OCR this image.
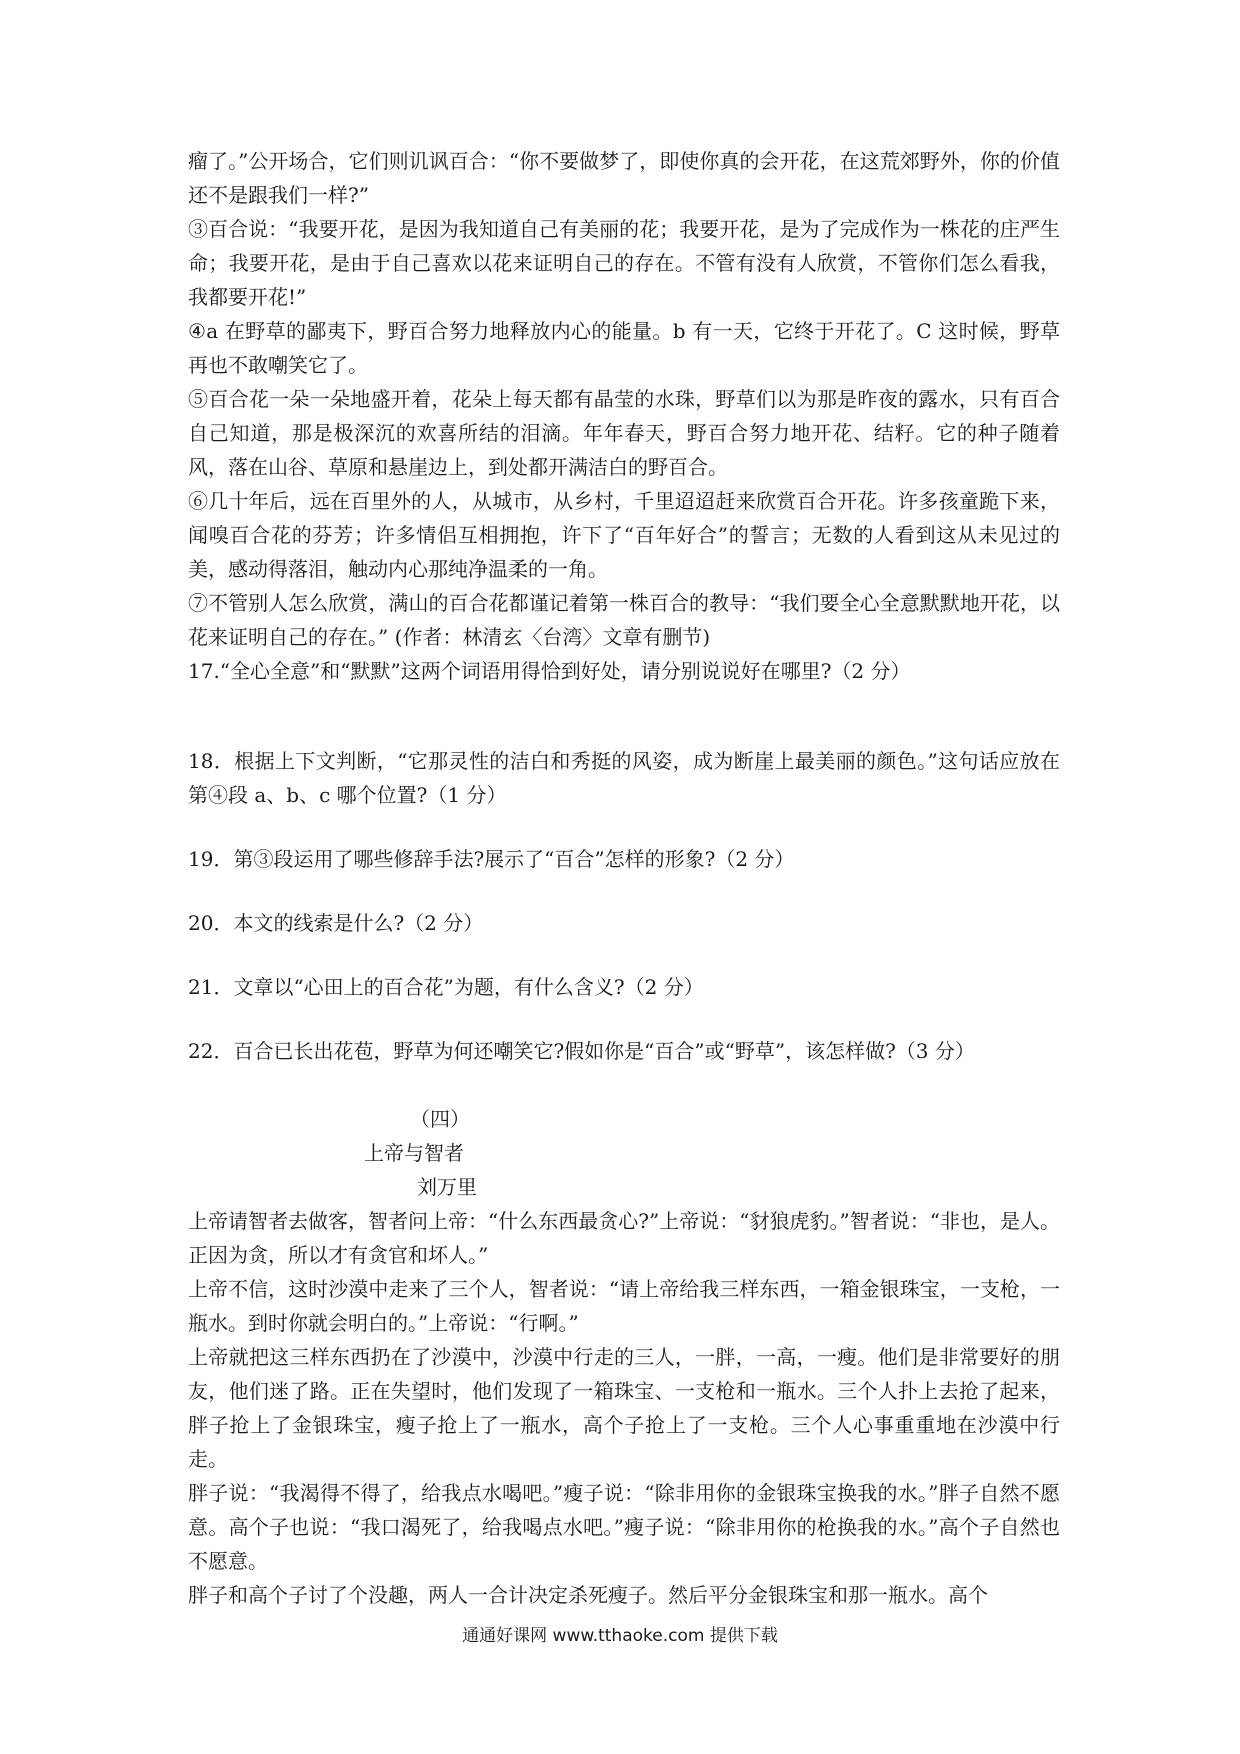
瘤了。”公开场合，它们则讥讽百合：“你不要做梦了，即使你真的会开花，在这荒郊野外，你的价值还不是跟我们一样?”

③百合说：“我要开花，是因为我知道自己有美丽的花；我要开花，是为了完成作为一株花的庄严生命；我要开花，是由于自己喜欢以花来证明自己的存在。不管有没有人欣赏，不管你们怎么看我，我都要开花!”

④a 在野草的鄙夷下，野百合努力地释放内心的能量。b 有一天，它终于开花了。C 这时候，野草再也不敢嘲笑它了。

⑤百合花一朵一朵地盛开着，花朵上每天都有晶莹的水珠，野草们以为那是昨夜的露水，只有百合自己知道，那是极深沉的欢喜所结的泪滴。年年春天，野百合努力地开花、结籽。它的种子随着风，落在山谷、草原和悬崖边上，到处都开满洁白的野百合。

⑥几十年后，远在百里外的人，从城市，从乡村，千里迢迢赶来欣赏百合开花。许多孩童跪下来，闻嗅百合花的芬芳；许多情侣互相拥抱，许下了“百年好合”的誓言；无数的人看到这从未见过的美，感动得落泪，触动内心那纯净温柔的一角。

⑦不管别人怎么欣赏，满山的百合花都谨记着第一株百合的教导：“我们要全心全意默默地开花，以花来证明自己的存在。” (作者：林清玄〈台湾〉文章有删节)

17.“全心全意”和“默默”这两个词语用得恰到好处，请分别说说好在哪里?（2 分）

18．根据上下文判断，“它那灵性的洁白和秀挺的风姿，成为断崖上最美丽的颜色。”这句话应放在第④段 a、b、c 哪个位置?（1 分）

19．第③段运用了哪些修辞手法?展示了“百合”怎样的形象?（2 分）

20．本文的线索是什么?（2 分）

21．文章以“心田上的百合花”为题，有什么含义?（2 分）

22．百合已长出花苞，野草为何还嘲笑它?假如你是“百合”或“野草”，该怎样做?（3 分）

（四）

上帝与智者

刘万里

上帝请智者去做客，智者问上帝：“什么东西最贪心?”上帝说：“豺狼虎豹。”智者说：“非也，是人。正因为贪，所以才有贪官和坏人。”

上帝不信，这时沙漠中走来了三个人，智者说：“请上帝给我三样东西，一箱金银珠宝，一支枪，一瓶水。到时你就会明白的。”上帝说：“行啊。”

上帝就把这三样东西扔在了沙漠中，沙漠中行走的三人，一胖，一高，一瘦。他们是非常要好的朋友，他们迷了路。正在失望时，他们发现了一箱珠宝、一支枪和一瓶水。三个人扑上去抢了起来，胖子抢上了金银珠宝，瘦子抢上了一瓶水，高个子抢上了一支枪。三个人心事重重地在沙漠中行走。

胖子说：“我渴得不得了，给我点水喝吧。”瘦子说：“除非用你的金银珠宝换我的水。”胖子自然不愿意。高个子也说：“我口渴死了，给我喝点水吧。”瘦子说：“除非用你的枪换我的水。”高个子自然也不愿意。

胖子和高个子讨了个没趣，两人一合计决定杀死瘦子。然后平分金银珠宝和那一瓶水。高个

通通好课网 www.tthaoke.com 提供下载
